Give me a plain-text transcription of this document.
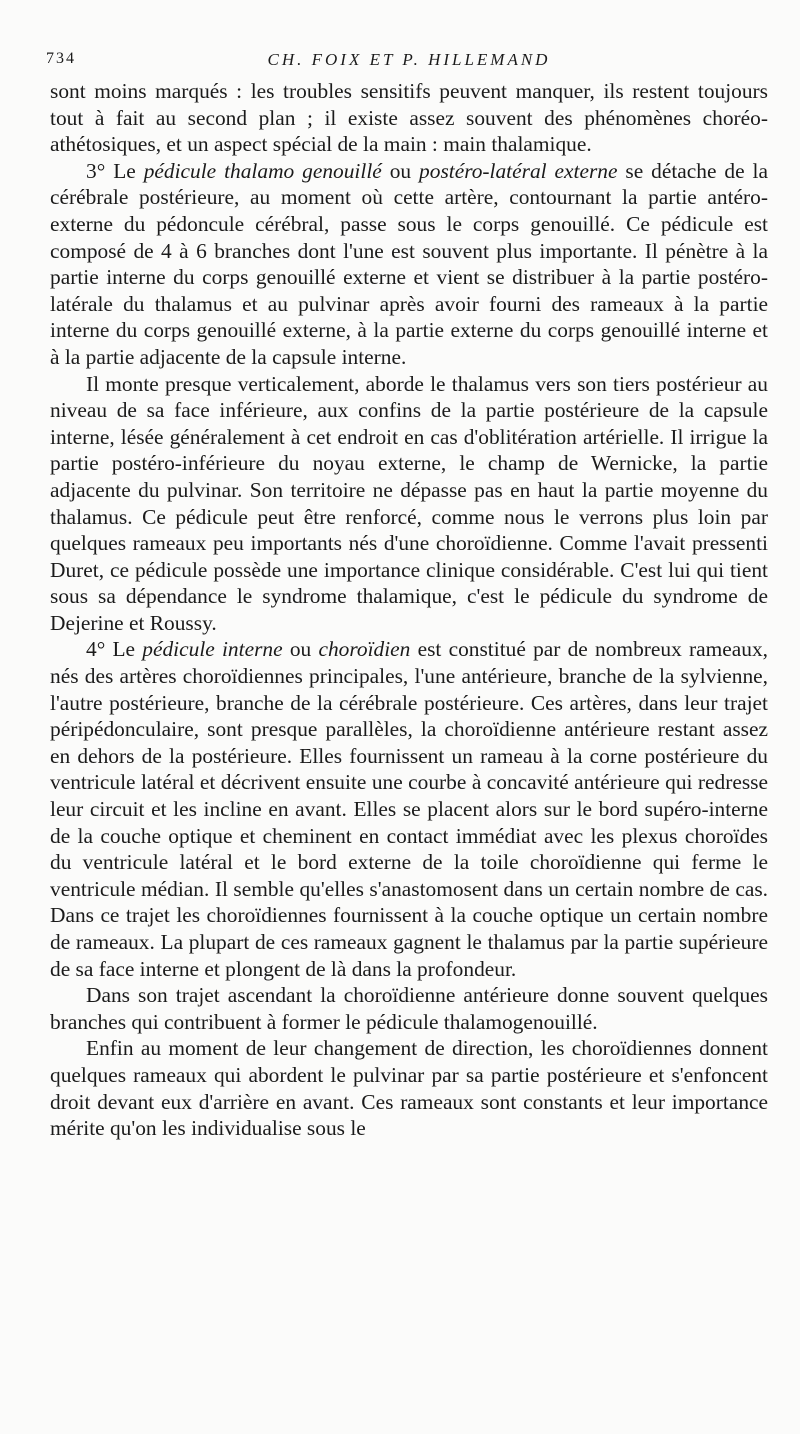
734	CH. FOIX ET P. HILLEMAND

sont moins marqués : les troubles sensitifs peuvent manquer, ils restent toujours tout à fait au second plan ; il existe assez souvent des phénomènes choréo-athétosiques, et un aspect spécial de la main : main thalamique.

3° Le pédicule thalamo genouillé ou postéro-latéral externe se détache de la cérébrale postérieure, au moment où cette artère, contournant la partie antéro-externe du pédoncule cérébral, passe sous le corps genouillé. Ce pédicule est composé de 4 à 6 branches dont l'une est souvent plus importante. Il pénètre à la partie interne du corps genouillé externe et vient se distribuer à la partie postéro-latérale du thalamus et au pulvinar après avoir fourni des rameaux à la partie interne du corps genouillé externe, à la partie externe du corps genouillé interne et à la partie adjacente de la capsule interne.

Il monte presque verticalement, aborde le thalamus vers son tiers postérieur au niveau de sa face inférieure, aux confins de la partie postérieure de la capsule interne, lésée généralement à cet endroit en cas d'oblitération artérielle. Il irrigue la partie postéro-inférieure du noyau externe, le champ de Wernicke, la partie adjacente du pulvinar. Son territoire ne dépasse pas en haut la partie moyenne du thalamus. Ce pédicule peut être renforcé, comme nous le verrons plus loin par quelques rameaux peu importants nés d'une choroïdienne. Comme l'avait pressenti Duret, ce pédicule possède une importance clinique considérable. C'est lui qui tient sous sa dépendance le syndrome thalamique, c'est le pédicule du syndrome de Dejerine et Roussy.

4° Le pédicule interne ou choroïdien est constitué par de nombreux rameaux, nés des artères choroïdiennes principales, l'une antérieure, branche de la sylvienne, l'autre postérieure, branche de la cérébrale postérieure. Ces artères, dans leur trajet péripédonculaire, sont presque parallèles, la choroïdienne antérieure restant assez en dehors de la postérieure. Elles fournissent un rameau à la corne postérieure du ventricule latéral et décrivent ensuite une courbe à concavité antérieure qui redresse leur circuit et les incline en avant. Elles se placent alors sur le bord supéro-interne de la couche optique et cheminent en contact immédiat avec les plexus choroïdes du ventricule latéral et le bord externe de la toile choroïdienne qui ferme le ventricule médian. Il semble qu'elles s'anastomosent dans un certain nombre de cas. Dans ce trajet les choroïdiennes fournissent à la couche optique un certain nombre de rameaux. La plupart de ces rameaux gagnent le thalamus par la partie supérieure de sa face interne et plongent de là dans la profondeur.

Dans son trajet ascendant la choroïdienne antérieure donne souvent quelques branches qui contribuent à former le pédicule thalamogenouillé.

Enfin au moment de leur changement de direction, les choroïdiennes donnent quelques rameaux qui abordent le pulvinar par sa partie postérieure et s'enfoncent droit devant eux d'arrière en avant. Ces rameaux sont constants et leur importance mérite qu'on les individualise sous le
